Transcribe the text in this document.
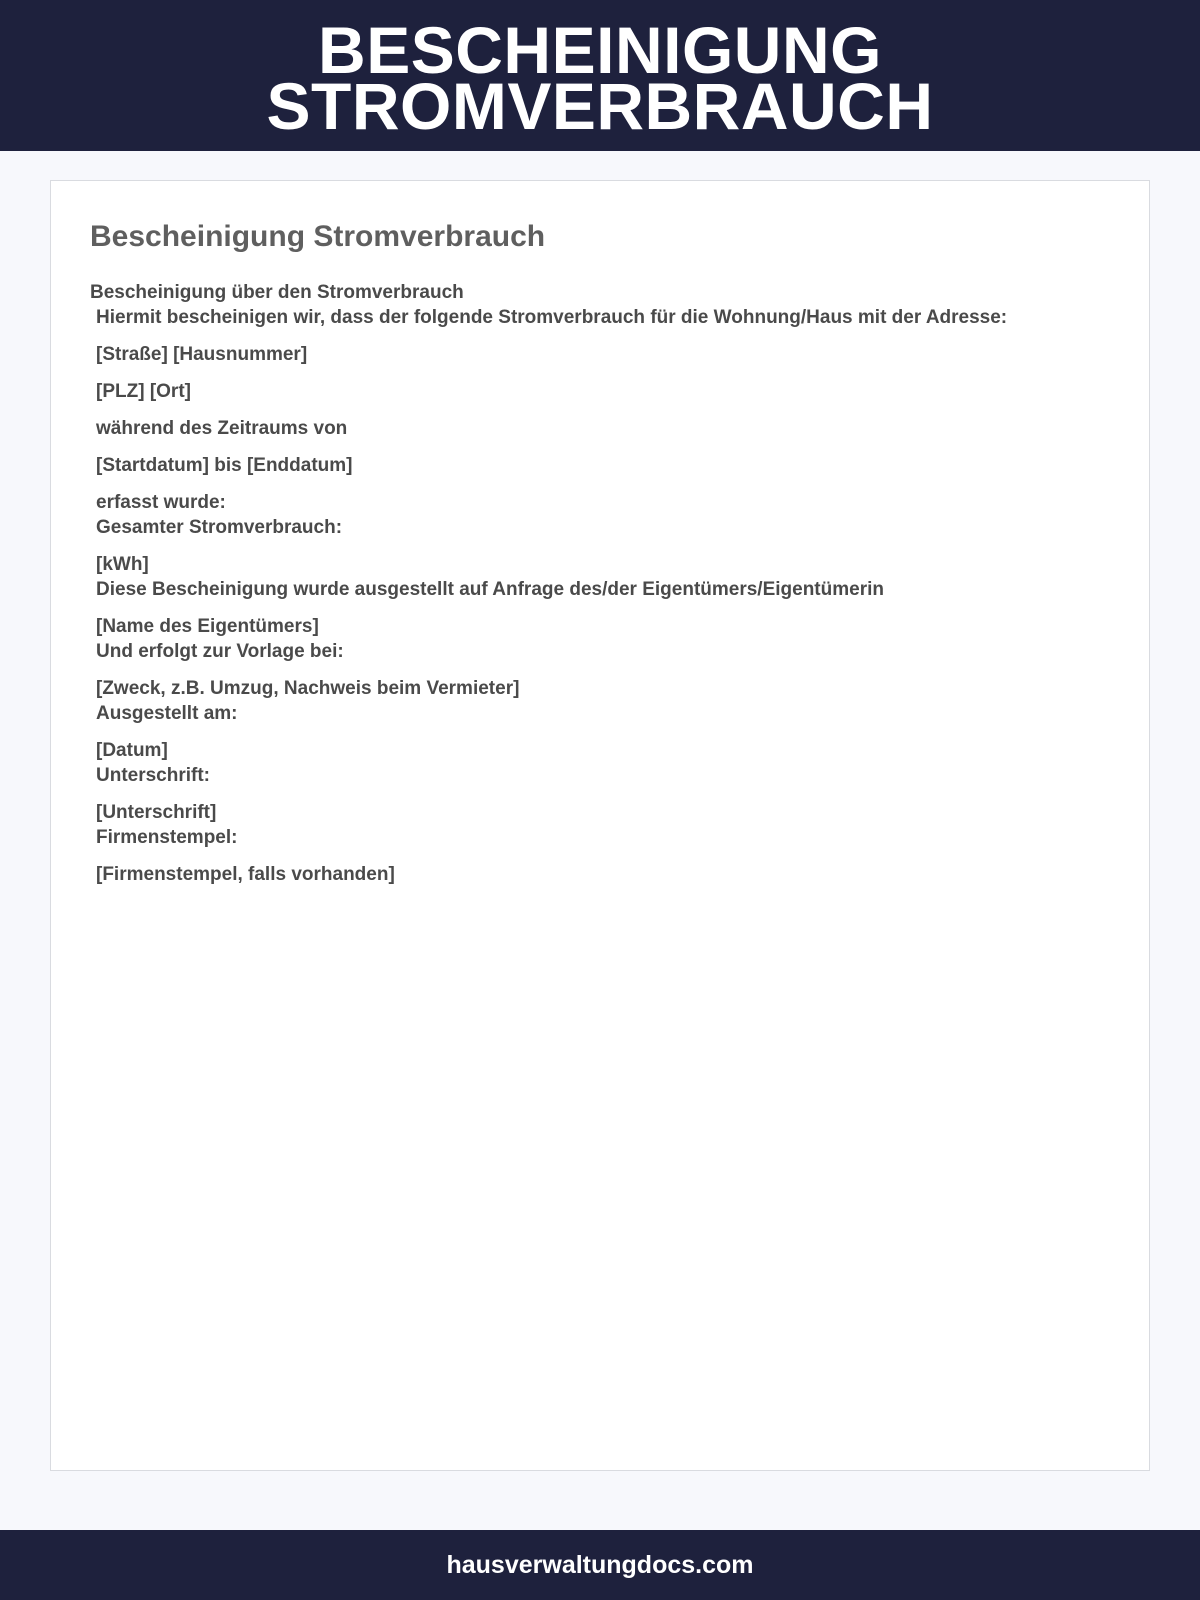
BESCHEINIGUNG
STROMVERBRAUCH
Bescheinigung Stromverbrauch
Bescheinigung über den Stromverbrauch
Hiermit bescheinigen wir, dass der folgende Stromverbrauch für die Wohnung/Haus mit der Adresse:
[Straße] [Hausnummer]
[PLZ] [Ort]
während des Zeitraums von
[Startdatum] bis [Enddatum]
erfasst wurde:
Gesamter Stromverbrauch:
[kWh]
Diese Bescheinigung wurde ausgestellt auf Anfrage des/der Eigentümers/Eigentümerin
[Name des Eigentümers]
Und erfolgt zur Vorlage bei:
[Zweck, z.B. Umzug, Nachweis beim Vermieter]
Ausgestellt am:
[Datum]
Unterschrift:
[Unterschrift]
Firmenstempel:
[Firmenstempel, falls vorhanden]
hausverwaltungdocs.com
